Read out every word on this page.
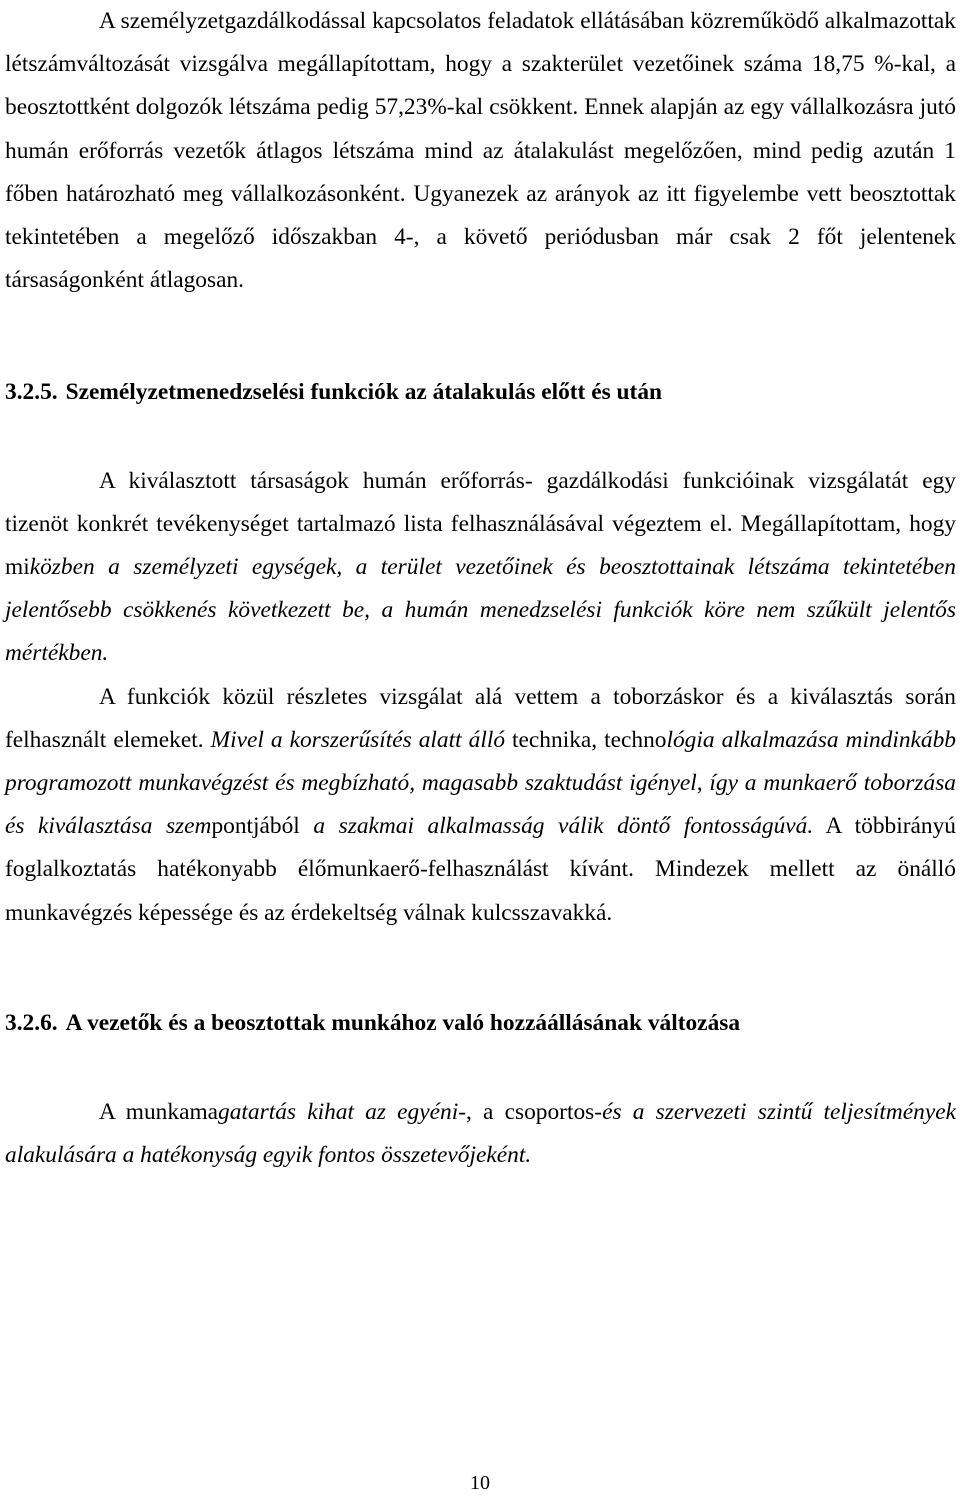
A személyzetgazdálkodással kapcsolatos feladatok ellátásában közreműködő alkalmazottak létszámváltozását vizsgálva megállapítottam, hogy a szakterület vezetőinek száma 18,75 %-kal, a beosztottként dolgozók létszáma pedig 57,23%-kal csökkent. Ennek alapján az egy vállalkozásra jutó humán erőforrás vezetők átlagos létszáma mind az átalakulást megelőzően, mind pedig azután 1 főben határozható meg vállalkozásonként. Ugyanezek az arányok az itt figyelembe vett beosztottak tekintetében a megelőző időszakban 4-, a követő periódusban már csak 2 főt jelentenek társaságonként átlagosan.

3.2.5. Személyzetmenedzselési funkciók az átalakulás előtt és után

A kiválasztott társaságok humán erőforrás- gazdálkodási funkcióinak vizsgálatát egy tizenöt konkrét tevékenységet tartalmazó lista felhasználásával végeztem el. Megállapítottam, hogy miközben a személyzeti egységek, a terület vezetőinek és beosztottainak létszáma tekintetében jelentősebb csökkenés következett be, a humán menedzselési funkciók köre nem szűkült jelentős mértékben.

A funkciók közül részletes vizsgálat alá vettem a toborzáskor és a kiválasztás során felhasznált elemeket. Mivel a korszerűsítés alatt álló technika, technológia alkalmazása mindinkább programozott munkavégzést és megbízható, magasabb szaktudást igényel, így a munkaerő toborzása és kiválasztása szempontjából a szakmai alkalmasság válik döntő fontosságúvá. A többirányú foglalkoztatás hatékonyabb élőmunkaerő-felhasználást kívánt. Mindezek mellett az önálló munkavégzés képessége és az érdekeltség válnak kulcsszavakká.

3.2.6. A vezetők és a beosztottak munkához való hozzáállásának változása

A munkamagatartás kihat az egyéni-, a csoportos-és a szervezeti szintű teljesítmények alakulására a hatékonyság egyik fontos összetevőjeként.

10
